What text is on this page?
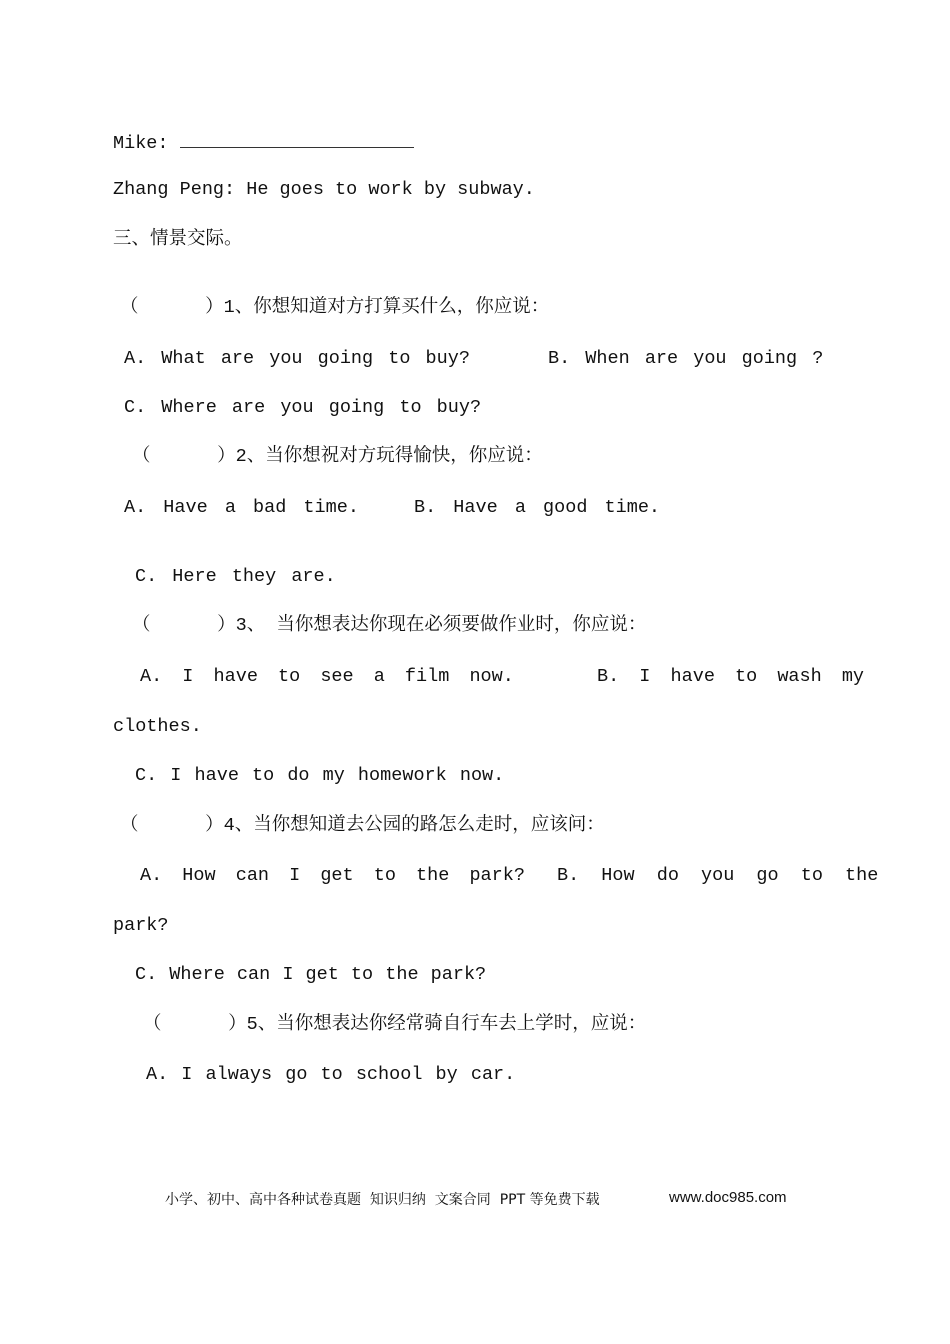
Mike:
Zhang Peng: He goes to work by subway.
三、情景交际。
（      ）1、你想知道对方打算买什么，你应说：
A. What are you going to buy?	B. When are you going ?
C. Where are you going to buy?
（      ）2、当你想祝对方玩得愉快，你应说：
A. Have a bad time.	B. Have a good time.
C. Here they are.
（      ）3、 当你想表达你现在必须要做作业时，你应说：
A. I have to see a film now.	B. I have to wash my
clothes.
C. I have to do my homework now.
（      ）4、当你想知道去公园的路怎么走时，应该问：
A. How can I get to the park? B. How do you go to the
park?
C. Where can I get to the park?
（      ）5、当你想表达你经常骑自行车去上学时，应说：
A. I always go to school by car.
小学、初中、高中各种试卷真题  知识归纳  文案合同  PPT 等免费下载	www.doc985.com
